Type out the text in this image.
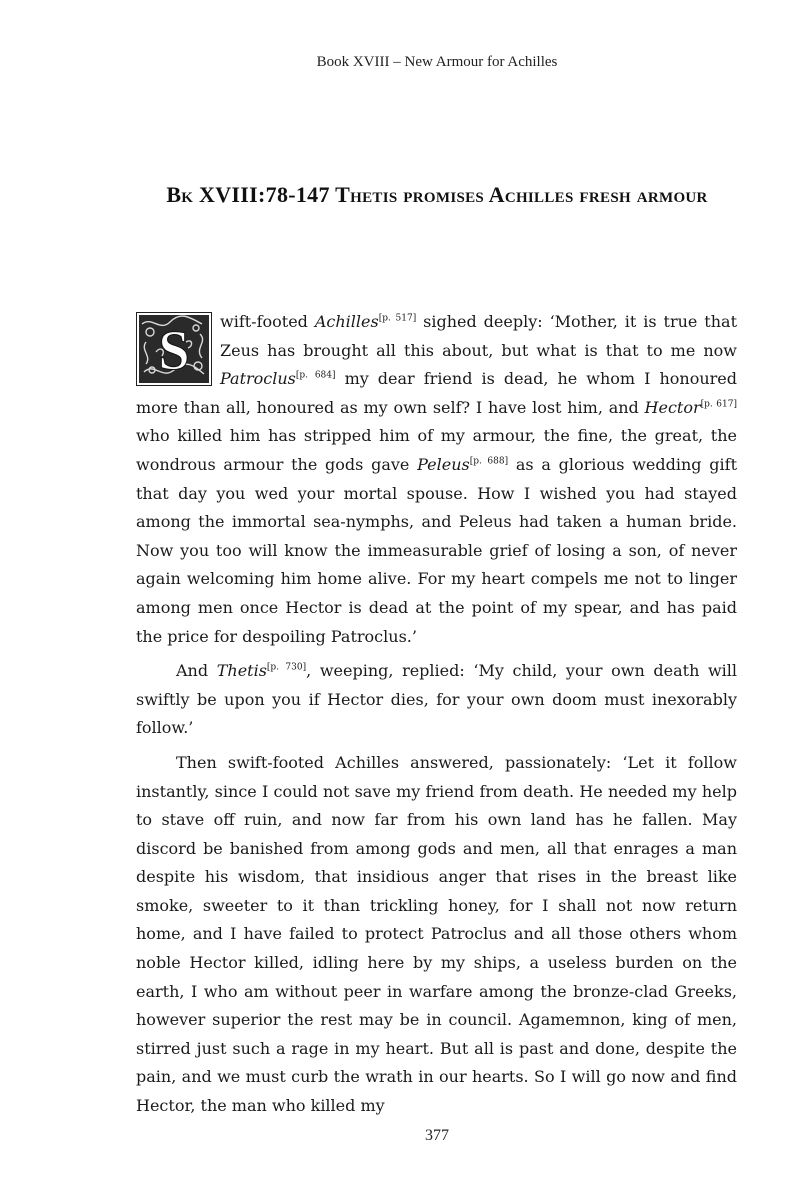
Book XVIII – New Armour for Achilles
Bk XVIII:78-147 Thetis promises Achilles fresh armour

S wift-footed Achilles[p. 517] sighed deeply: ‘Mother, it is true that Zeus has brought all this about, but what is that to me now Patroclus[p. 684] my dear friend is dead, he whom I honoured more than all, honoured as my own self? I have lost him, and Hector[p. 617] who killed him has stripped him of my armour, the fine, the great, the wondrous armour the gods gave Peleus[p. 688] as a glorious wedding gift that day you wed your mortal spouse. How I wished you had stayed among the immortal sea-nymphs, and Peleus had taken a human bride. Now you too will know the immeasurable grief of losing a son, of never again welcoming him home alive. For my heart compels me not to linger among men once Hector is dead at the point of my spear, and has paid the price for despoiling Patroclus.’

And Thetis[p. 730], weeping, replied: ‘My child, your own death will swiftly be upon you if Hector dies, for your own doom must inexorably follow.’

Then swift-footed Achilles answered, passionately: ‘Let it follow instantly, since I could not save my friend from death. He needed my help to stave off ruin, and now far from his own land has he fallen. May discord be banished from among gods and men, all that enrages a man despite his wisdom, that insidious anger that rises in the breast like smoke, sweeter to it than trickling honey, for I shall not now return home, and I have failed to protect Patroclus and all those others whom noble Hector killed, idling here by my ships, a useless burden on the earth, I who am without peer in warfare among the bronze-clad Greeks, however superior the rest may be in council. Agamemnon, king of men, stirred just such a rage in my heart. But all is past and done, despite the pain, and we must curb the wrath in our hearts. So I will go now and find Hector, the man who killed my

377
